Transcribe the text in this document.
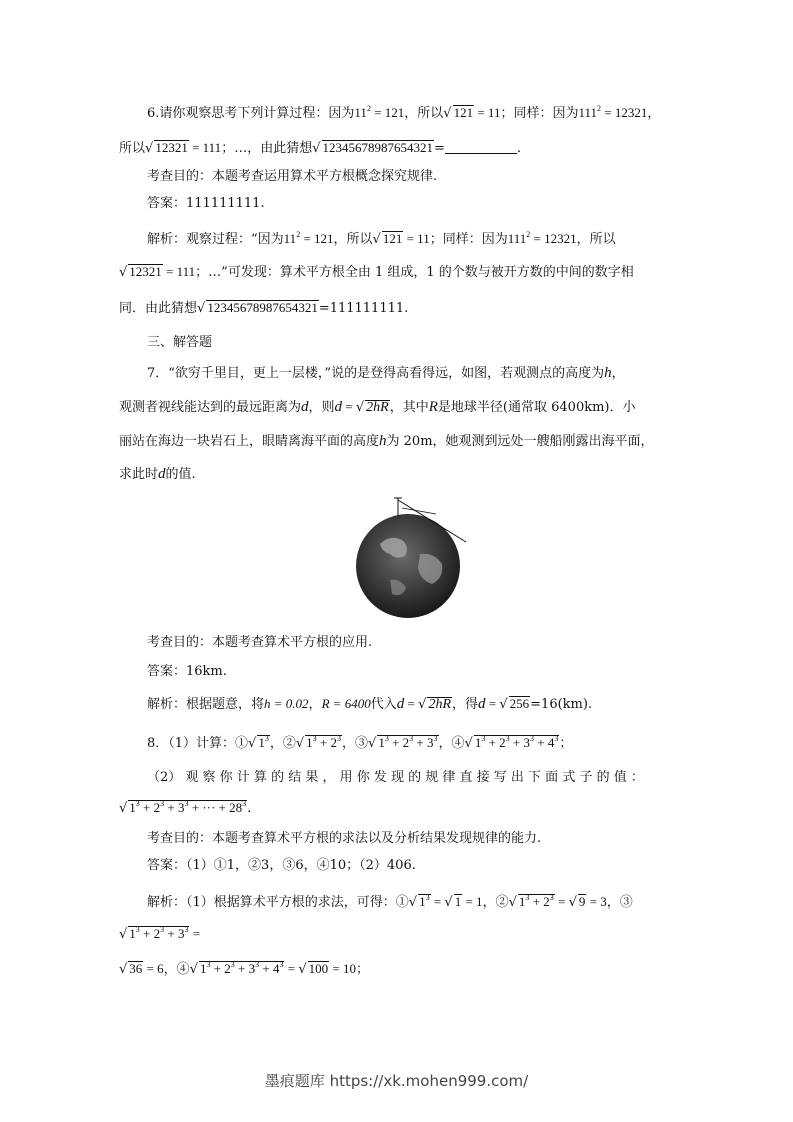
6.请你观察思考下列计算过程：因为$11^2 = 121$，所以√ 121 = 11；同样：因为$111^2 = 12321$，
所以√ 12321 = 111；…，由此猜想√ 12345678987654321=	.
考查目的：本题考查运用算术平方根概念探究规律.
答案：111111111.
解析：观察过程：“因为$11^2 = 121$，所以√ 121 = 11；同样：因为$111^2 = 12321$，所以
√ 12321 = 111；…”可发现：算术平方根全由 1 组成，1 的个数与被开方数的中间的数字相
同．由此猜想√ 12345678987654321=111111111.
三、解答题
7．“欲穷千里目，更上一层楼，”说的是登得高看得远，如图，若观测点的高度为h，
观测者视线能达到的最远距离为d，则d = √ 2hR，其中R是地球半径(通常取 6400km)．小
丽站在海边一块岩石上，眼睛离海平面的高度h为 20m，她观测到远处一艘船刚露出海平面，
求此时d的值.
考查目的：本题考查算术平方根的应用.
答案：16km.
解析：根据题意，将h = 0.02，R = 6400代入d = √ 2hR，得d = √ 256=16(km).
8．（1）计算：①√ $1^3$，②√ $1^3 + 2^3$，③√ $1^3 + 2^3 + 3^3$，④√ $1^3 + 2^3 + 3^3 + 4^3$；
（2） 观 察 你 计 算 的 结 果 ， 用 你 发 现 的 规 律 直 接 写 出 下 面 式 子 的 值 ：
√ $1^3 + 2^3 + 3^3$ + ··· + $28^3$.
考查目的：本题考查算术平方根的求法以及分析结果发现规律的能力.
答案：（1）①1，②3，③6，④10；（2）406.
解析：（1）根据算术平方根的求法，可得：①√ $1^3$ = √ 1 = 1，②√ $1^3 + 2^3$ = √ 9 = 3，③
√ $1^3 + 2^3 + 3^3$ =
√ 36 = 6，④√ $1^3 + 2^3 + 3^3 + 4^3$ = √ 100 = 10；
墨痕题库 https://xk.mohen999.com/
